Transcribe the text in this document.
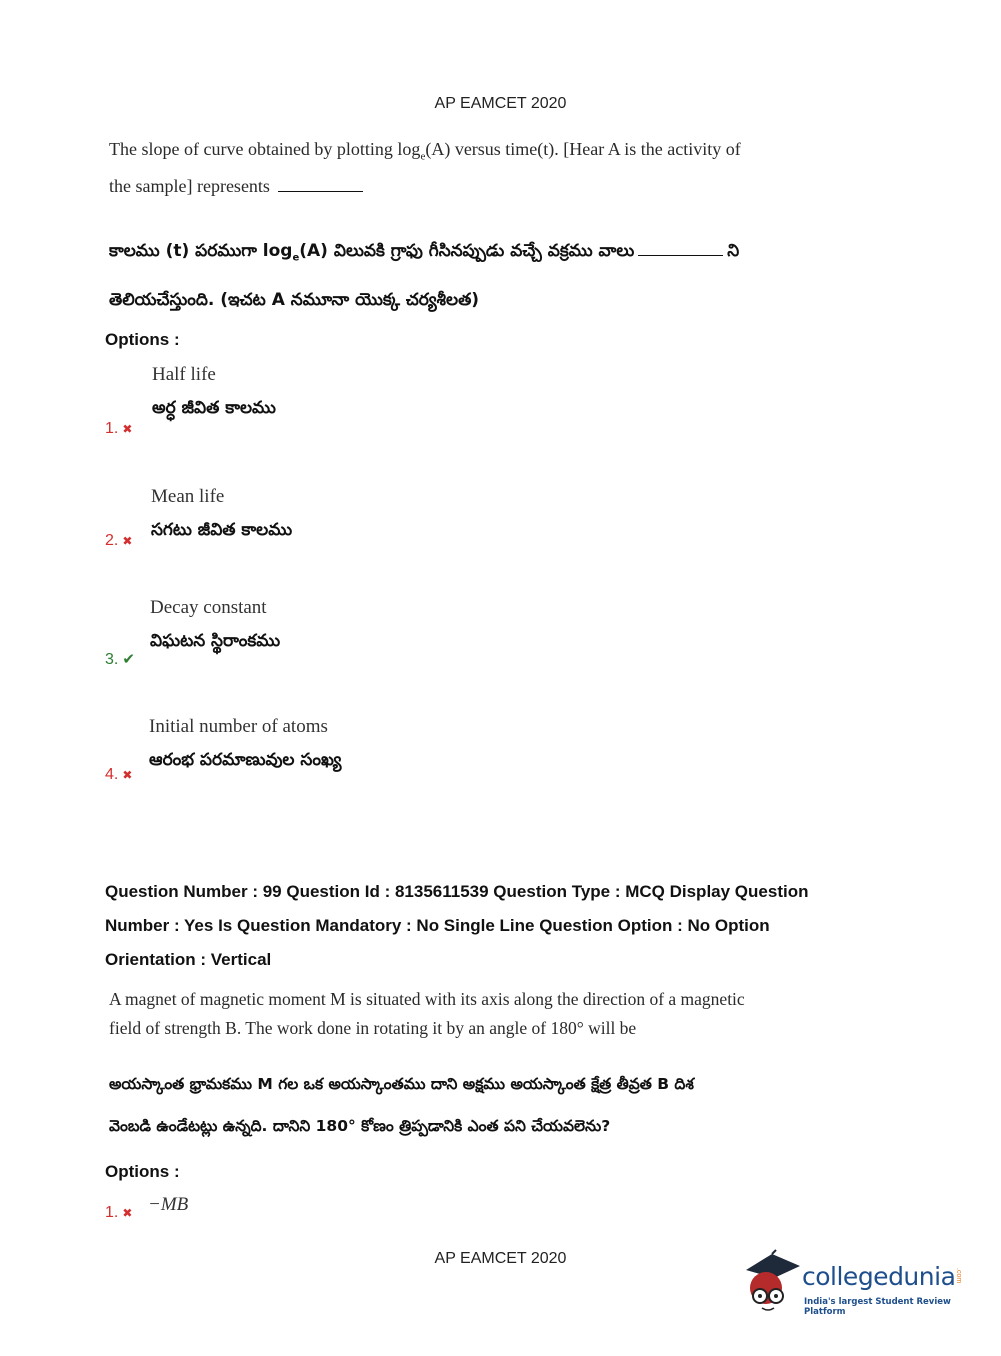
AP EAMCET 2020
The slope of curve obtained by plotting $\log_e(A)$ versus time(t). [Hear A is the activity of
the sample] represents
కాలము (t) పరముగా $\log_e(A)$ విలువకి గ్రాఫు గీసినప్పుడు వచ్చే వక్రము వాలు	ని
తెలియచేస్తుంది. (ఇచట A నమూనా యొక్క చర్యశీలత)
Options :
Half life
అర్ధ జీవిత కాలము
1. ✖
Mean life
సగటు జీవిత కాలము
2. ✖
Decay constant
విఘటన స్థిరాంకము
3. ✔
Initial number of atoms
ఆరంభ పరమాణువుల సంఖ్య
4. ✖
Question Number : 99 Question Id : 8135611539 Question Type : MCQ Display Question
Number : Yes Is Question Mandatory : No Single Line Question Option : No Option
Orientation : Vertical
A magnet of magnetic moment M is situated with its axis along the direction of a magnetic
field of strength B. The work done in rotating it by an angle of 180° will be
అయస్కాంత భ్రామకము M గల ఒక అయస్కాంతము దాని అక్షము అయస్కాంత క్షేత్ర తీవ్రత B దిశ
వెంబడి ఉండేటట్లు ఉన్నది. దానిని 180° కోణం త్రిప్పడానికి ఎంత పని చేయవలెను?
Options :
1. ✖ −MB
AP EAMCET 2020
collegedunia .com
India's largest Student Review Platform
